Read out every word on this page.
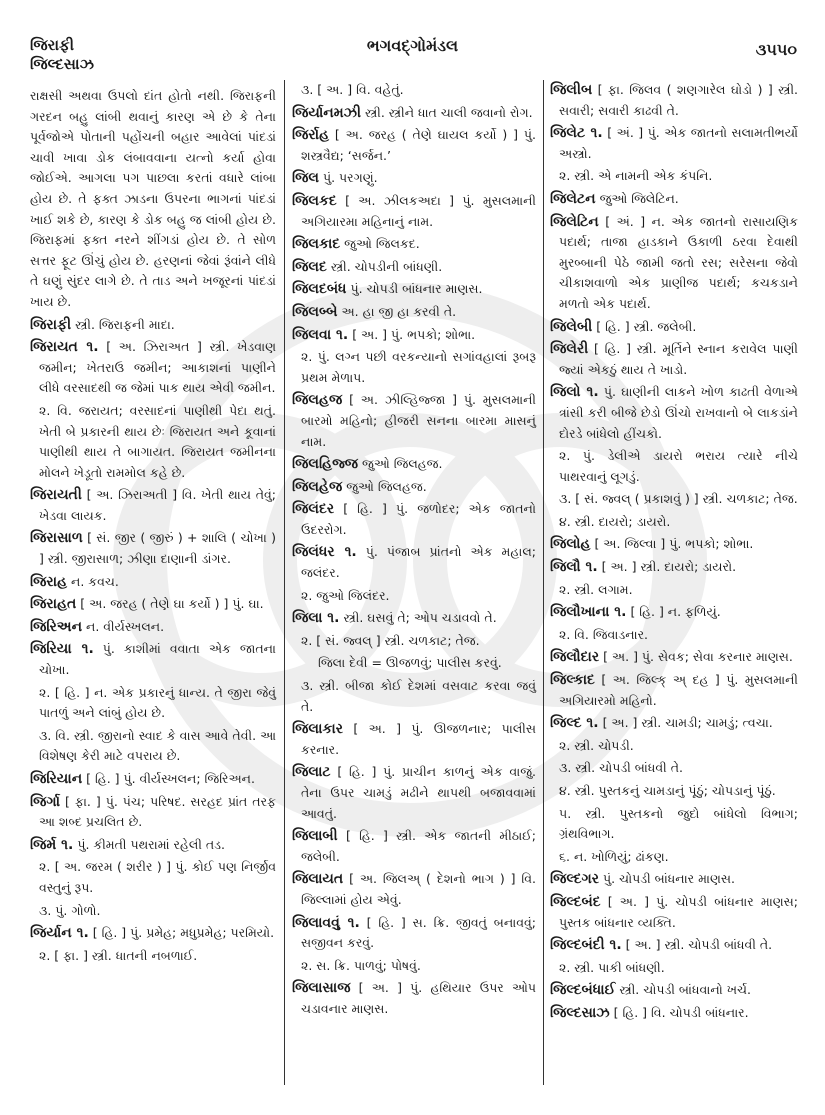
જિરાફી
જિલ્દસાઝ
ભગવદ્ગોમંડલ	૩૫૫૦
રાક્ષસી અથવા ઉપલો દાંત હોતો નથી. જિરાફની ગરદન બહુ લાંબી થવાનું કારણ એ છે કે તેના પૂર્વજોએ પોતાની પહોંચની બહાર આવેલાં પાંદડાં ચાવી ખાવા ડોક લંબાવવાના યત્નો કર્યા હોવા જોઈએ. આગલા પગ પાછલા કરતાં વધારે લાંબા હોય છે. તે ફક્ત ઝાડના ઉપરના ભાગનાં પાંદડાં ખાઈ શકે છે, કારણ કે ડોક બહુ જ લાંબી હોય છે. જિરાફમાં ફક્ત નરને શીંગડાં હોય છે. તે સોળ સત્તર ફૂટ ઊંચું હોય છે. હરણનાં જેવાં રૂંવાંને લીધે તે ઘણું સુંદર લાગે છે. તે તાડ અને ખજૂરનાં પાંદડાં ખાય છે.
જિરાફી સ્ત્રી. જિરાફની માદા.
જિરાયત ૧. [ અ. ઝિરાઅત ] સ્ત્રી. ખેડવાણ જમીન; ખેતરાઉ જમીન; આકાશનાં પાણીને લીધે વરસાદથી જ જેમાં પાક થાય એવી જમીન.
૨. વિ. જરાયત; વરસાદનાં પાણીથી પેદા થતું. ખેતી બે પ્રકારની થાય છેઃ જિરાયત અને કૂવાનાં પાણીથી થાય તે બાગાયત. જિરાયત જમીનના મોલને ખેડૂતો રામમોલ કહે છે.
જિરાયતી [ અ. ઝિરાઅતી ] વિ. ખેતી થાય તેવું; ખેડવા લાયક.
જિરાસાળ [ સં. જીર ( જીરું ) + શાલિ ( ચોખા ) ] સ્ત્રી. જીરાસાળ; ઝીણા દાણાની ડાંગર.
જિરાહ ન. કવચ.
જિરાહત [ અ. જરહ ( તેણે ઘા કર્યો ) ] પું. ઘા.
જિરિઅન ન. વીર્યસ્ખલન.
જિરિયા ૧. પું. કાશીમાં વવાતા એક જાતના ચોખા.
૨. [ હિ. ] ન. એક પ્રકારનું ધાન્ય. તે જીરા જેવું પાતળું અને લાંબું હોય છે.
૩. વિ. સ્ત્રી. જીરાનો સ્વાદ કે વાસ આવે તેવી. આ વિશેષણ કેરી માટે વપરાય છે.
જિરિયાન [ હિ. ] પું. વીર્યસ્ખલન; જિરિઅન.
જિર્ગા [ ફા. ] પું. પંચ; પરિષદ. સરહદ પ્રાંત તરફ આ શબ્દ પ્રચલિત છે.
જિર્મ ૧. પું. કીમતી પથરામાં રહેલી તડ.
૨. [ અ. જરમ ( શરીર ) ] પું. કોઈ પણ નિર્જીવ વસ્તુનું રૂપ.
૩. પું. ગોળો.
જિર્યાન ૧. [ હિ. ] પું. પ્રમેહ; મધુપ્રમેહ; પરમિયો.
૨. [ ફા. ] સ્ત્રી. ધાતની નબળાઈ.
૩. [ અ. ] વિ. વહેતું.
જિર્યાનમઝી સ્ત્રી. સ્ત્રીને ધાત ચાલી જવાનો રોગ.
જિર્રાહ [ અ. જરહ ( તેણે ઘાયલ કર્યો ) ] પું. શસ્ત્રવૈદ્ય; ‘સર્જન.’
જિલ પું. પરગણું.
જિલકદ [ અ. ઝીલકઅદા ] પું. મુસલમાની અગિયારમા મહિનાનું નામ.
જિલકાદ જુઓ જિલકદ.
જિલદ સ્ત્રી. ચોપડીની બાંધણી.
જિલદબંધ પું. ચોપડી બાંધનાર માણસ.
જિલબ્બે અ. હા જી હા કરવી તે.
જિલવા ૧. [ અ. ] પું. ભપકો; શોભા.
૨. પું. લગ્ન પછી વરકન્યાનો સગાંવહાલાં રૂબરૂ પ્રથમ મેળાપ.
જિલહજ [ અ. ઝીલ્હિજ્જા ] પું. મુસલમાની બારમો મહિનો; હીજરી સનના બારમા માસનું નામ.
જિલહિજ્જ જુઓ જિલહજ.
જિલહેજ જુઓ જિલહજ.
જિલંદર [ હિ. ] પું. જળોદર; એક જાતનો ઉદરરોગ.
જિલંધર ૧. પું. પંજાબ પ્રાંતનો એક મહાલ; જલંદર.
૨. જુઓ જિલંદર.
જિલા ૧. સ્ત્રી. ઘસવું તે; ઓપ ચડાવવો તે.
૨. [ સં. જ્વલ્ ] સ્ત્રી. ચળકાટ; તેજ.
જિલા દેવી = ઊજળવું; પાલીસ કરવું.
૩. સ્ત્રી. બીજા કોઈ દેશમાં વસવાટ કરવા જવું તે.
જિલાકાર [ અ. ] પું. ઊજળનાર; પાલીસ કરનાર.
જિલાટ [ હિ. ] પું. પ્રાચીન કાળનું એક વાજું. તેના ઉપર ચામડું મઢીને થાપથી બજાવવામાં આવતું.
જિલાબી [ હિ. ] સ્ત્રી. એક જાતની મીઠાઈ; જલેબી.
જિલાયત [ અ. જિલઅ્ ( દેશનો ભાગ ) ] વિ. જિલ્લામાં હોય એવું.
જિલાવવું ૧. [ હિ. ] સ. ક્રિ. જીવતું બનાવવું; સજીવન કરવું.
૨. સ. ક્રિ. પાળવું; પોષવું.
જિલાસાજ [ અ. ] પું. હથિયાર ઉપર ઓપ ચડાવનાર માણસ.
જિલીબ [ ફા. જિલવ ( શણગારેલ ઘોડો ) ] સ્ત્રી. સવારી; સવારી કાઢવી તે.
જિલેટ ૧. [ અં. ] પું. એક જાતનો સલામતીભર્યો અસ્ત્રો.
૨. સ્ત્રી. એ નામની એક કંપનિ.
જિલેટન જુઓ જિલેટિન.
જિલેટિન [ અં. ] ન. એક જાતનો રાસાયણિક પદાર્થ; તાજા હાડકાને ઉકાળી ઠરવા દેવાથી મુરબ્બાની પેઠે જામી જતો રસ; સરેસના જેવો ચીકાશવાળો એક પ્રાણીજ પદાર્થ; કચકડાને મળતો એક પદાર્થ.
જિલેબી [ હિ. ] સ્ત્રી. જલેબી.
જિલેરી [ હિ. ] સ્ત્રી. મૂર્તિને સ્નાન કરાવેલ પાણી જ્યાં એકઠું થાય તે ખાડો.
જિલો ૧. પું. ઘાણીની લાકને ખોળ કાઢતી વેળાએ ત્રાંસી કરી બીજે છેડો ઊંચો રાખવાનો બે લાકડાંને દોરડે બાંધેલો હીંચકો.
૨. પું. ડેલીએ ડાયરો ભરાય ત્યારે નીચે પાથરવાનું લૂગડું.
૩. [ સં. જ્વલ્ ( પ્રકાશવું ) ] સ્ત્રી. ચળકાટ; તેજ.
૪. સ્ત્રી. દાયરો; ડાયરો.
જિલોહ [ અ. જિલ્વા ] પું. ભપકો; શોભા.
જિલૌ ૧. [ અ. ] સ્ત્રી. દાયરો; ડાયરો.
૨. સ્ત્રી. લગામ.
જિલૌખાના ૧. [ હિ. ] ન. ફળિયું.
૨. વિ. જિવાડનાર.
જિલૌદાર [ અ. ] પું. સેવક; સેવા કરનાર માણસ.
જિલ્કાદ [ અ. જિલ્ક્ અ્ દહ ] પું. મુસલમાની અગિયારમો મહિનો.
જિલ્દ ૧. [ અ. ] સ્ત્રી. ચામડી; ચામડું; ત્વચા.
૨. સ્ત્રી. ચોપડી.
૩. સ્ત્રી. ચોપડી બાંધવી તે.
૪. સ્ત્રી. પુસ્તકનું ચામડાનું પૂંઠું; ચોપડાનું પૂંઠું.
૫. સ્ત્રી. પુસ્તકનો જુદો બાંધેલો વિભાગ; ગ્રંથવિભાગ.
૬. ન. ખોળિયું; ઢાંકણ.
જિલ્દગર પું. ચોપડી બાંધનાર માણસ.
જિલ્દબંદ [ અ. ] પું. ચોપડી બાંધનાર માણસ; પુસ્તક બાંધનાર વ્યક્તિ.
જિલ્દબંદી ૧. [ અ. ] સ્ત્રી. ચોપડી બાંધવી તે.
૨. સ્ત્રી. પાકી બાંધણી.
જિલ્દબંધાઈ સ્ત્રી. ચોપડી બાંધવાનો ખર્ચ.
જિલ્દસાઝ [ હિ. ] વિ. ચોપડી બાંધનાર.
